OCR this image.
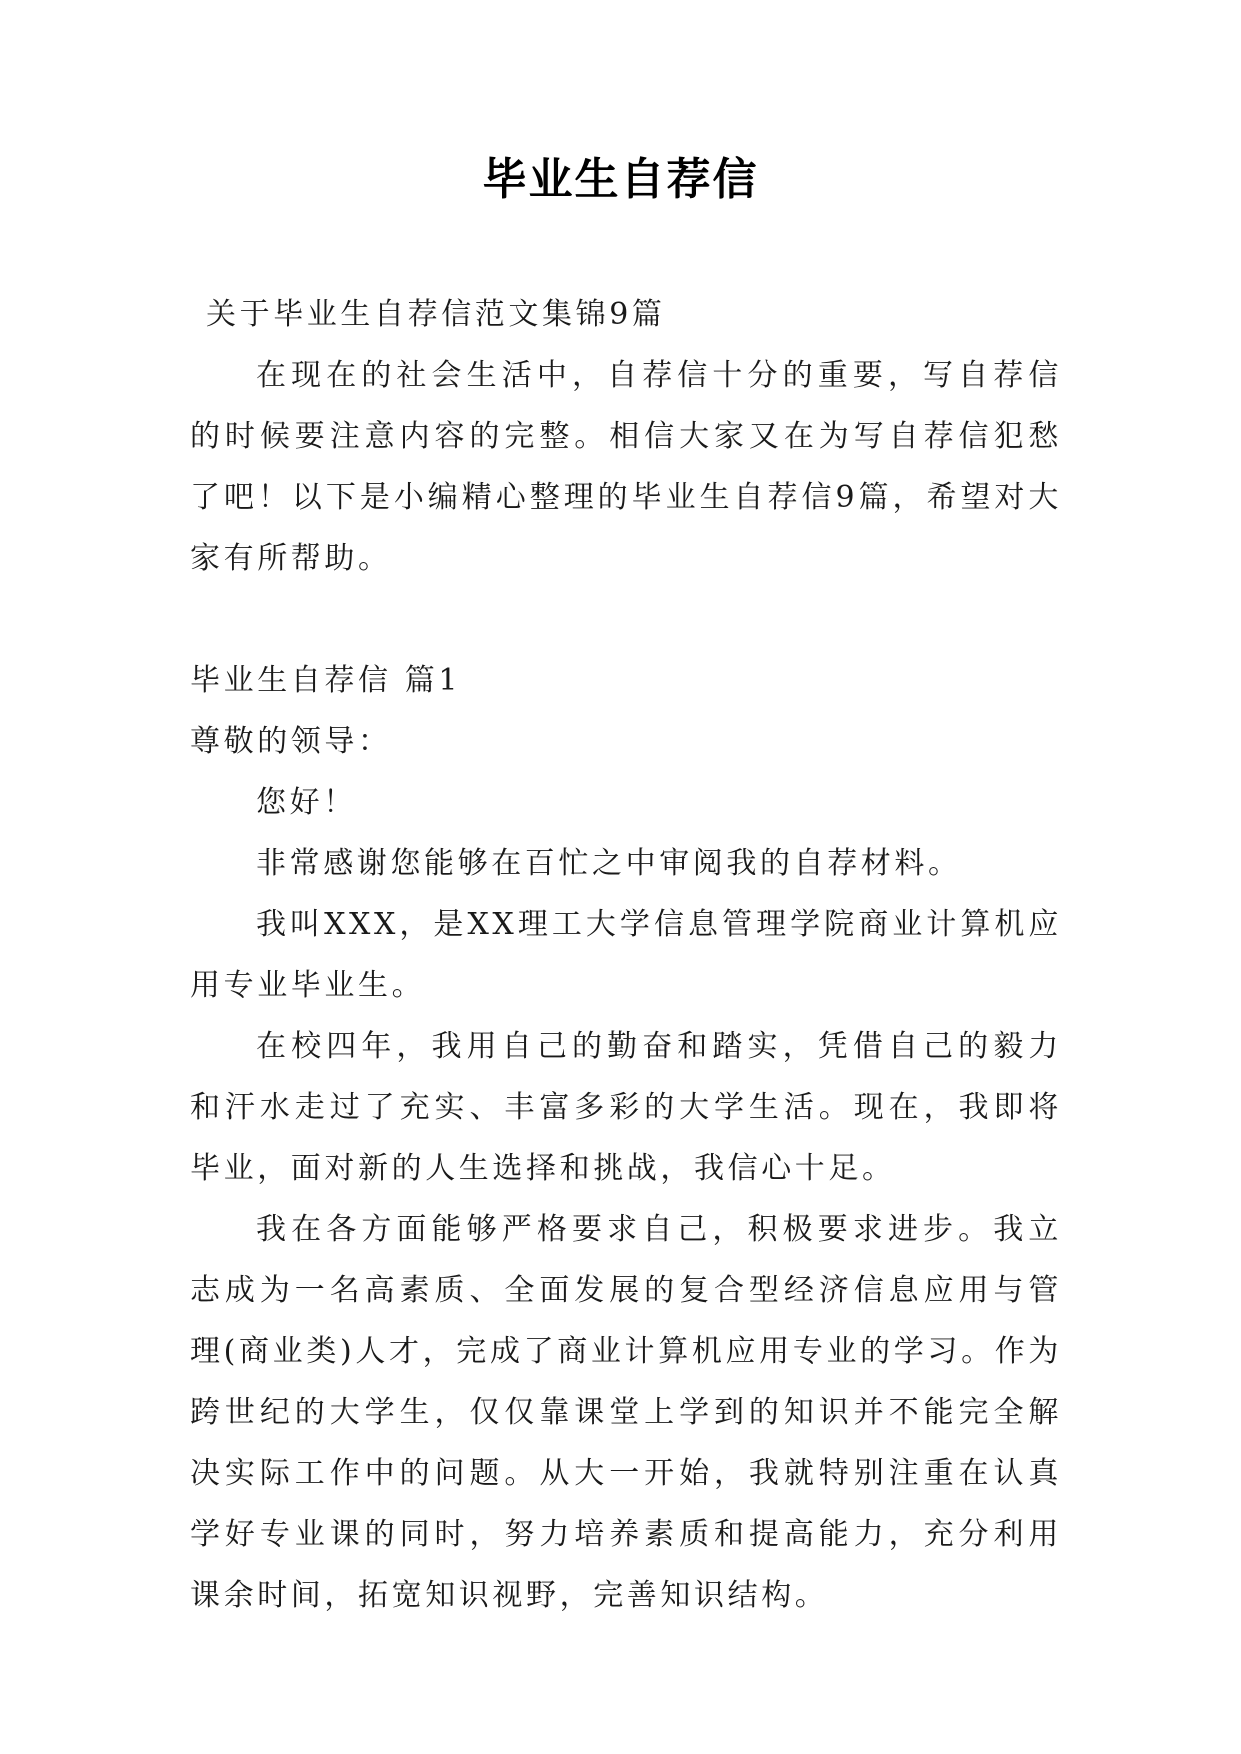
毕业生自荐信

关于毕业生自荐信范文集锦9篇

在现在的社会生活中，自荐信十分的重要，写自荐信的时候要注意内容的完整。相信大家又在为写自荐信犯愁了吧！以下是小编精心整理的毕业生自荐信9篇，希望对大家有所帮助。

毕业生自荐信 篇1

尊敬的领导：

您好！

非常感谢您能够在百忙之中审阅我的自荐材料。

我叫XXX，是XX理工大学信息管理学院商业计算机应用专业毕业生。

在校四年，我用自己的勤奋和踏实，凭借自己的毅力和汗水走过了充实、丰富多彩的大学生活。现在，我即将毕业，面对新的人生选择和挑战，我信心十足。

我在各方面能够严格要求自己，积极要求进步。我立志成为一名高素质、全面发展的复合型经济信息应用与管理(商业类)人才，完成了商业计算机应用专业的学习。作为跨世纪的大学生，仅仅靠课堂上学到的知识并不能完全解决实际工作中的问题。从大一开始，我就特别注重在认真学好专业课的同时，努力培养素质和提高能力，充分利用课余时间，拓宽知识视野，完善知识结构。
